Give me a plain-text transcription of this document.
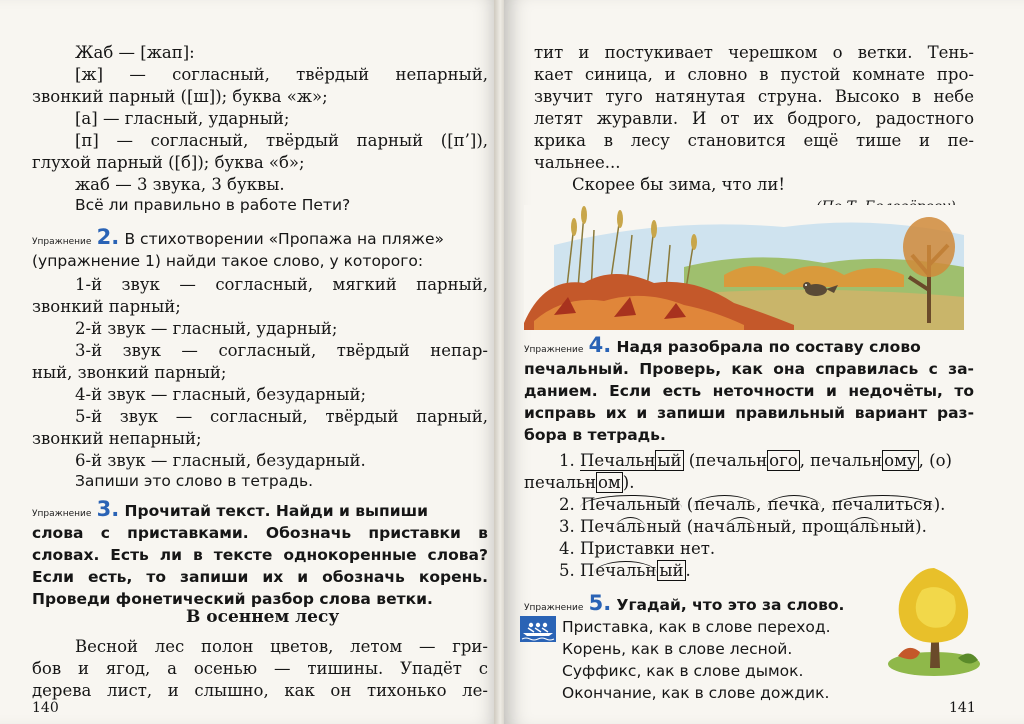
Жаб — [жап]:
[ж] — согласный, твёрдый непарный,
звонкий парный ([ш]); буква «ж»;
[а] — гласный, ударный;
[п] — согласный, твёрдый парный ([п’]),
глухой парный ([б]); буква «б»;
жаб — 3 звука, 3 буквы.
Всё ли правильно в работе Пети?
Упражнение 2. В стихотворении «Пропажа на пляже»
(упражнение 1) найди такое слово, у которого:
1-й звук — согласный, мягкий парный,
звонкий парный;
2-й звук — гласный, ударный;
3-й звук — согласный, твёрдый непар-
ный, звонкий парный;
4-й звук — гласный, безударный;
5-й звук — согласный, твёрдый парный,
звонкий непарный;
6-й звук — гласный, безударный.
Запиши это слово в тетрадь.
Упражнение 3. Прочитай текст. Найди и выпиши
слова с приставками. Обозначь приставки в
словах. Есть ли в тексте однокоренные слова?
Если есть, то запиши их и обозначь корень.
Проведи фонетический разбор слова ветки.
В осеннем лесу
Весной лес полон цветов, летом — гри-
бов и ягод, а осенью — тишины. Упадёт с
дерева лист, и слышно, как он тихонько ле-
140
тит и постукивает черешком о ветки. Тень-
кает синица, и словно в пустой комнате про-
звучит туго натянутая струна. Высоко в небе
летят журавли. И от их бодрого, радостного
крика в лесу становится ещё тише и пе-
чальнее...
Скорее бы зима, что ли!
Упражнение 4. Надя разобрала по составу слово
печальный. Проверь, как она справилась с за-
данием. Если есть неточности и недочёты, то
исправь их и запиши правильный вариант раз-
бора в тетрадь.
1. Печальн ый (печальн ого , печальн ому , (о)
печальн ом ).
2. Печальный (печаль, печка, печалиться).
3. Печальный (начальный, прощальный).
4. Приставки нет.
5. Печальн ый .
Упражнение 5. Угадай, что это за слово.
Приставка, как в слове переход.
Корень, как в слове лесной.
Суффикс, как в слове дымок.
Окончание, как в слове дождик.
141
